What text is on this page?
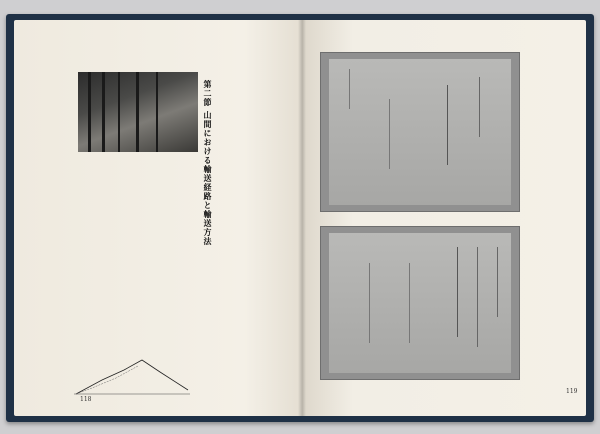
第二節 山間における輸送経路と輸送方法
118
119
